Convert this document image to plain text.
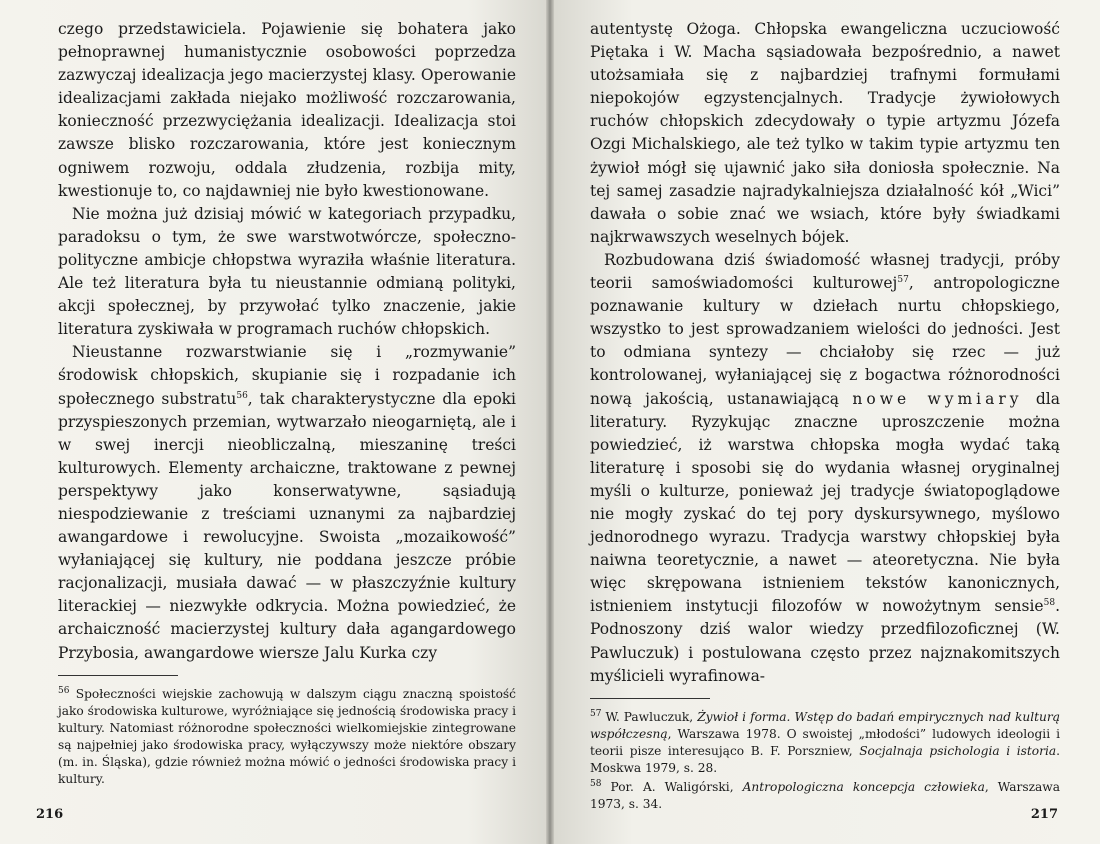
czego przedstawiciela. Pojawienie się bohatera jako pełnoprawnej humanistycznie osobowości poprzedza zazwyczaj idealizacja jego macierzystej klasy. Operowanie idealizacjami zakłada niejako możliwość rozczarowania, konieczność przezwyciężania idealizacji. Idealizacja stoi zawsze blisko rozczarowania, które jest koniecznym ogniwem rozwoju, oddala złudzenia, rozbija mity, kwestionuje to, co najdawniej nie było kwestionowane.

Nie można już dzisiaj mówić w kategoriach przypadku, paradoksu o tym, że swe warstwotwórcze, społeczno-polityczne ambicje chłopstwa wyraziła właśnie literatura. Ale też literatura była tu nieustannie odmianą polityki, akcji społecznej, by przywołać tylko znaczenie, jakie literatura zyskiwała w programach ruchów chłopskich.

Nieustanne rozwarstwianie się i „rozmywanie” środowisk chłopskich, skupianie się i rozpadanie ich społecznego substratu$^{56}$, tak charakterystyczne dla epoki przyspieszonych przemian, wytwarzało nieogarniętą, ale i w swej inercji nieobliczalną, mieszaninę treści kulturowych. Elementy archaiczne, traktowane z pewnej perspektywy jako konserwatywne, sąsiadują niespodziewanie z treściami uznanymi za najbardziej awangardowe i rewolucyjne. Swoista „mozaikowość” wyłaniającej się kultury, nie poddana jeszcze próbie racjonalizacji, musiała dawać — w płaszczyźnie kultury literackiej — niezwykłe odkrycia. Można powiedzieć, że archaiczność macierzystej kultury dała agangardowego Przybosia, awangardowe wiersze Jalu Kurka czy

$^{56}$ Społeczności wiejskie zachowują w dalszym ciągu znaczną spoistość jako środowiska kulturowe, wyróżniające się jednością środowiska pracy i kultury. Natomiast różnorodne społeczności wielkomiejskie zintegrowane są najpełniej jako środowiska pracy, wyłączywszy może niektóre obszary (m. in. Śląska), gdzie również można mówić o jedności środowiska pracy i kultury.

216

autentystę Ożoga. Chłopska ewangeliczna uczuciowość Piętaka i W. Macha sąsiadowała bezpośrednio, a nawet utożsamiała się z najbardziej trafnymi formułami niepokojów egzystencjalnych. Tradycje żywiołowych ruchów chłopskich zdecydowały o typie artyzmu Józefa Ozgi Michalskiego, ale też tylko w takim typie artyzmu ten żywioł mógł się ujawnić jako siła doniosła społecznie. Na tej samej zasadzie najradykalniejsza działalność kół „Wici” dawała o sobie znać we wsiach, które były świadkami najkrwawszych weselnych bójek.

Rozbudowana dziś świadomość własnej tradycji, próby teorii samoświadomości kulturowej$^{57}$, antropologiczne poznawanie kultury w dziełach nurtu chłopskiego, wszystko to jest sprowadzaniem wielości do jedności. Jest to odmiana syntezy — chciałoby się rzec — już kontrolowanej, wyłaniającej się z bogactwa różnorodności nową jakością, ustanawiającą nowe wymiary dla literatury. Ryzykując znaczne uproszczenie można powiedzieć, iż warstwa chłopska mogła wydać taką literaturę i sposobi się do wydania własnej oryginalnej myśli o kulturze, ponieważ jej tradycje światopoglądowe nie mogły zyskać do tej pory dyskursywnego, myślowo jednorodnego wyrazu. Tradycja warstwy chłopskiej była naiwna teoretycznie, a nawet — ateoretyczna. Nie była więc skrępowana istnieniem tekstów kanonicznych, istnieniem instytucji filozofów w nowożytnym sensie$^{58}$. Podnoszony dziś walor wiedzy przedfilozoficznej (W. Pawluczuk) i postulowana często przez najznakomitszych myślicieli wyrafinowa-

$^{57}$ W. Pawluczuk, Żywioł i forma. Wstęp do badań empirycznych nad kulturą współczesną, Warszawa 1978. O swoistej „młodości” ludowych ideologii i teorii pisze interesująco B. F. Porszniew, Socjalnaja psichologia i istoria. Moskwa 1979, s. 28.

$^{58}$ Por. A. Waligórski, Antropologiczna koncepcja człowieka, Warszawa 1973, s. 34.

217
